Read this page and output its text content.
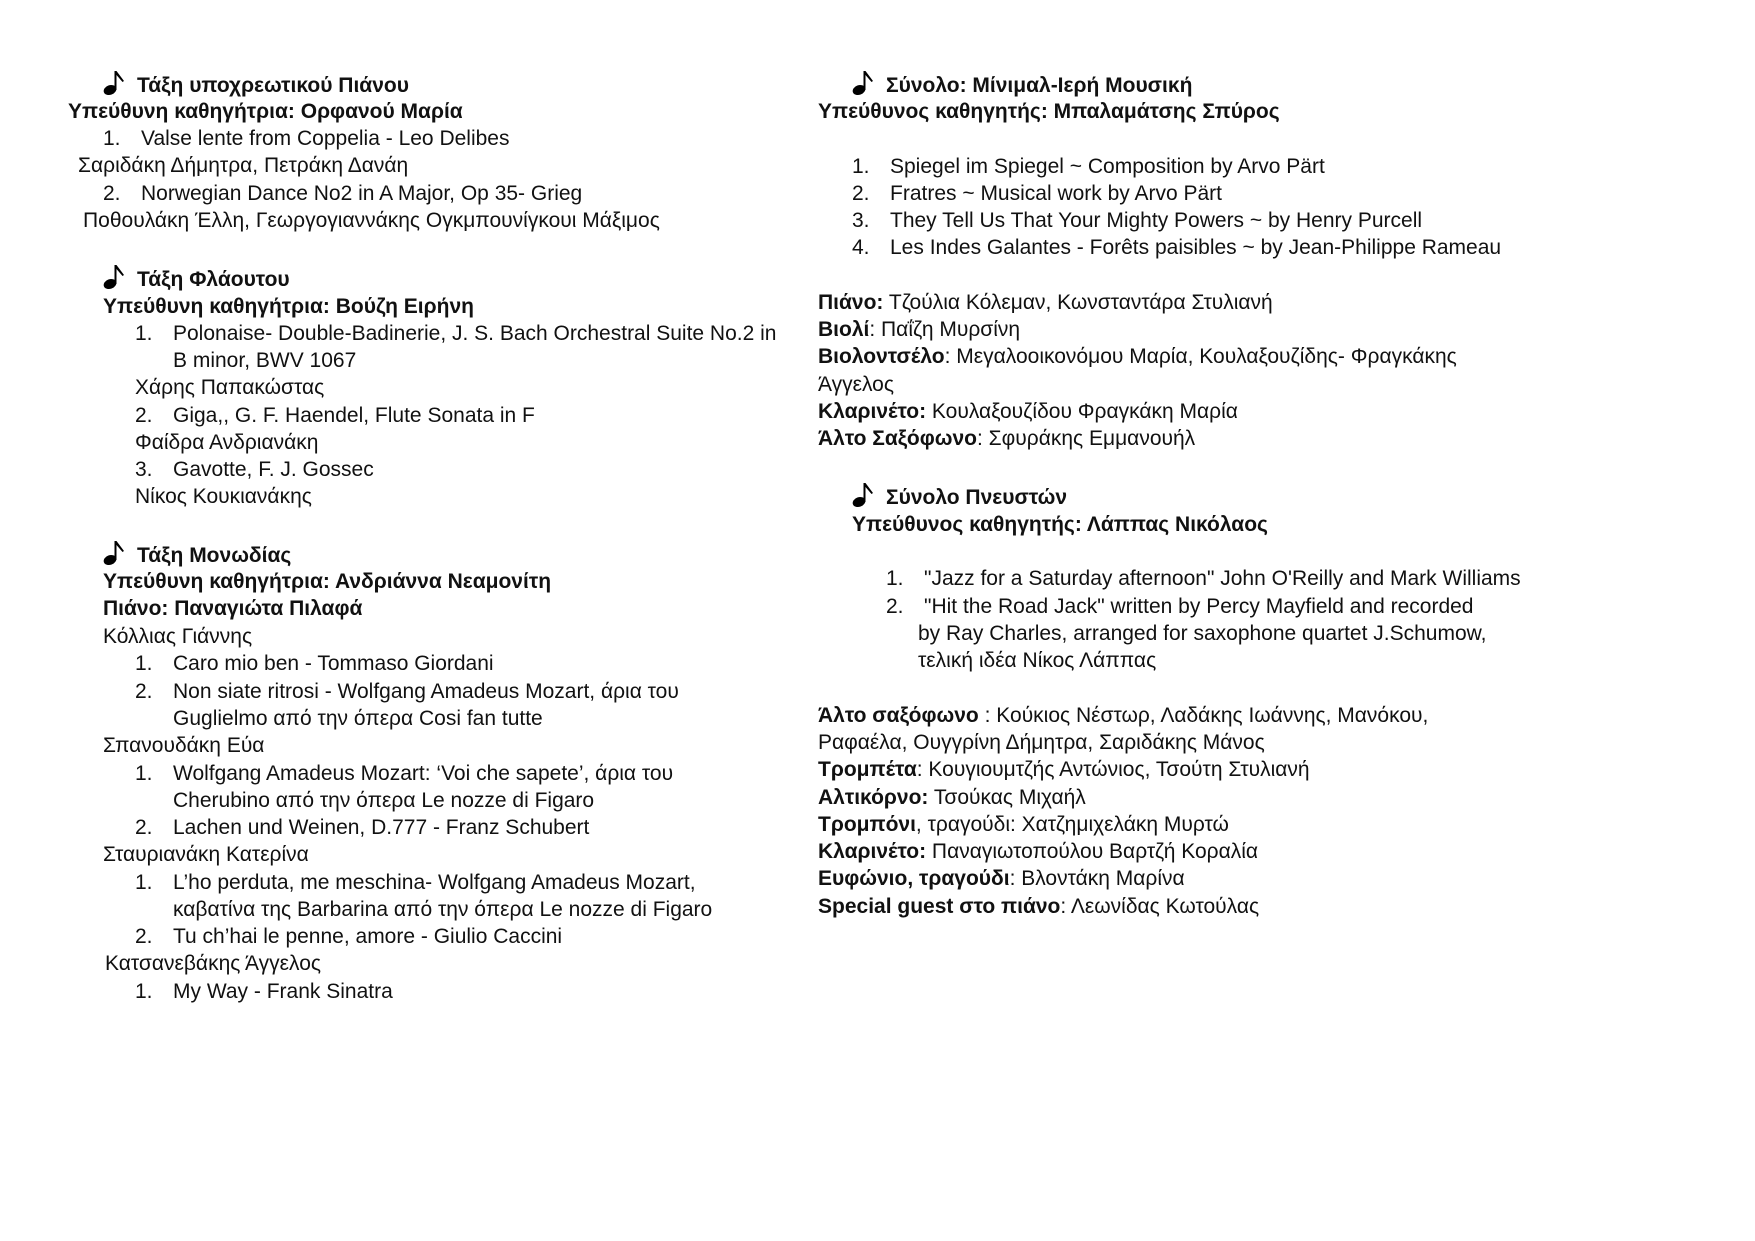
Τάξη υποχρεωτικού Πιάνου
Υπεύθυνη καθηγήτρια: Ορφανού Μαρία
1. Valse lente from Coppelia - Leo Delibes
Σαριδάκη Δήμητρα, Πετράκη Δανάη
2. Norwegian Dance No2 in A Major, Op 35- Grieg
Ποθουλάκη Έλλη, Γεωργογιαννάκης Ογκμπουνίγκουι Μάξιμος
Τάξη Φλάουτου
Υπεύθυνη καθηγήτρια: Βούζη Ειρήνη
1. Polonaise- Double-Badinerie, J. S. Bach Orchestral Suite No.2 in
B minor, BWV 1067
Χάρης Παπακώστας
2. Giga,, G. F. Haendel, Flute Sonata in F
Φαίδρα Ανδριανάκη
3. Gavotte, F. J. Gossec
Νίκος Κουκιανάκης
Τάξη Μονωδίας
Υπεύθυνη καθηγήτρια: Ανδριάννα Νεαμονίτη
Πιάνο: Παναγιώτα Πιλαφά
Κόλλιας Γιάννης
1. Caro mio ben - Tommaso Giordani
2. Non siate ritrosi - Wolfgang Amadeus Mozart, άρια του
Guglielmo από την όπερα Cosi fan tutte
Σπανουδάκη Εύα
1. Wolfgang Amadeus Mozart: ‘Voi che sapete’, άρια του
Cherubino από την όπερα Le nozze di Figaro
2. Lachen und Weinen, D.777 - Franz Schubert
Σταυριανάκη Κατερίνα
1. L’ho perduta, me meschina- Wolfgang Amadeus Mozart,
καβατίνα της Barbarina από την όπερα Le nozze di Figaro
2. Tu ch’hai le penne, amore - Giulio Caccini
Κατσανεβάκης Άγγελος
1. My Way - Frank Sinatra
Σύνολο: Μίνιμαλ-Ιερή Μουσική
Υπεύθυνος καθηγητής: Μπαλαμάτσης Σπύρος
1. Spiegel im Spiegel ~ Composition by Arvo Pärt
2. Fratres ~ Musical work by Arvo Pärt
3. They Tell Us That Your Mighty Powers ~ by Henry Purcell
4. Les Indes Galantes - Forêts paisibles ~ by Jean-Philippe Rameau
Πιάνο: Τζούλια Κόλεμαν, Κωνσταντάρα Στυλιανή
Βιολί: Παΐζη Μυρσίνη
Βιολοντσέλο: Μεγαλοοικονόμου Μαρία, Κουλαξουζίδης- Φραγκάκης
Άγγελος
Κλαρινέτο: Κουλαξουζίδου Φραγκάκη Μαρία
Άλτο Σαξόφωνο: Σφυράκης Εμμανουήλ
Σύνολο Πνευστών
Υπεύθυνος καθηγητής: Λάππας Νικόλαος
1. "Jazz for a Saturday afternoon" John O'Reilly and Mark Williams
2. "Hit the Road Jack" written by Percy Mayfield and recorded
by Ray Charles, arranged for saxophone quartet J.Schumow,
τελική ιδέα Νίκος Λάππας
Άλτο σαξόφωνο : Κούκιος Νέστωρ, Λαδάκης Ιωάννης, Μανόκου,
Ραφαέλα, Ουγγρίνη Δήμητρα, Σαριδάκης Μάνος
Τρομπέτα: Κουγιουμτζής Αντώνιος, Τσούτη Στυλιανή
Αλτικόρνο: Τσούκας Μιχαήλ
Τρομπόνι, τραγούδι: Χατζημιχελάκη Μυρτώ
Κλαρινέτο: Παναγιωτοπούλου Βαρτζή Κοραλία
Ευφώνιο, τραγούδι: Βλοντάκη Μαρίνα
Special guest στο πιάνο: Λεωνίδας Κωτούλας
